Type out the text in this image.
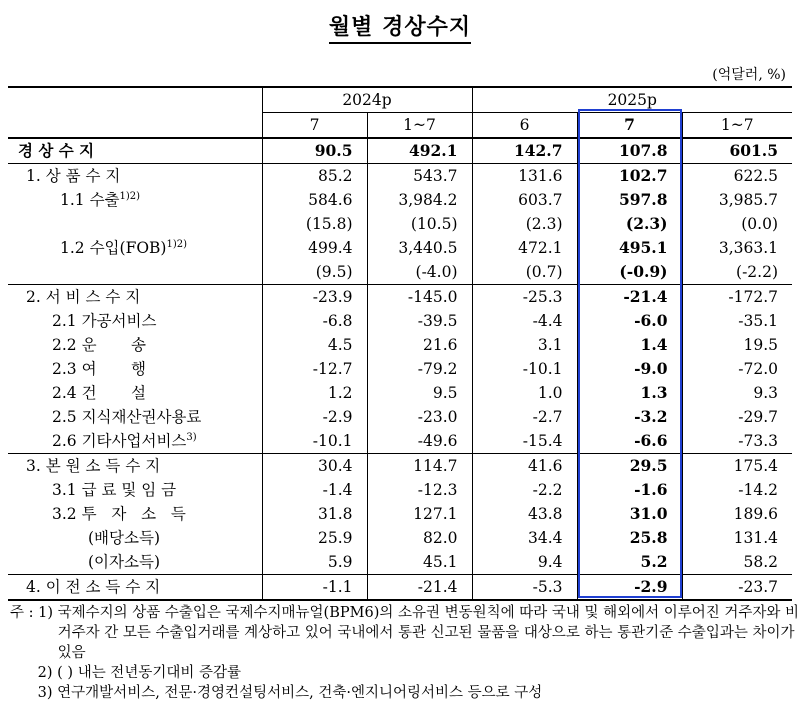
월별 경상수지
(억달러, %)
	2024p		2025p		
	7	1~7	6	7	1~7
경 상 수 지	90.5	492.1	142.7	107.8	601.5
1. 상 품 수 지	85.2	543.7	131.6	102.7	622.5
1.1 수출$^{1)2)}$	584.6	3,984.2	603.7	597.8	3,985.7
	(15.8)	(10.5)	(2.3)	(2.3)	(0.0)
1.2 수입(FOB)$^{1)2)}$	499.4	3,440.5	472.1	495.1	3,363.1
	(9.5)	(-4.0)	(0.7)	(-0.9)	(-2.2)
2. 서 비 스 수 지	-23.9	-145.0	-25.3	-21.4	-172.7
2.1 가공서비스	-6.8	-39.5	-4.4	-6.0	-35.1
2.2 운       송	4.5	21.6	3.1	1.4	19.5
2.3 여       행	-12.7	-79.2	-10.1	-9.0	-72.0
2.4 건       설	1.2	9.5	1.0	1.3	9.3
2.5 지식재산권사용료	-2.9	-23.0	-2.7	-3.2	-29.7
2.6 기타사업서비스$^{3)}$	-10.1	-49.6	-15.4	-6.6	-73.3
3. 본 원 소 득 수 지	30.4	114.7	41.6	29.5	175.4
3.1 급 료 및 임 금	-1.4	-12.3	-2.2	-1.6	-14.2
3.2 투   자   소   득	31.8	127.1	43.8	31.0	189.6
(배당소득)	25.9	82.0	34.4	25.8	131.4
(이자소득)	5.9	45.1	9.4	5.2	58.2
4. 이 전 소 득 수 지	-1.1	-21.4	-5.3	-2.9	-23.7
주 : 1) 국제수지의 상품 수출입은 국제수지매뉴얼(BPM6)의 소유권 변동원칙에 따라 국내 및 해외에서 이루어진 거주자와 비거주자 간 모든 수출입거래를 계상하고 있어 국내에서 통관 신고된 물품을 대상으로 하는 통관기준 수출입과는 차이가 있음
2) ( ) 내는 전년동기대비 증감률
3) 연구개발서비스, 전문·경영컨설팅서비스, 건축·엔지니어링서비스 등으로 구성
